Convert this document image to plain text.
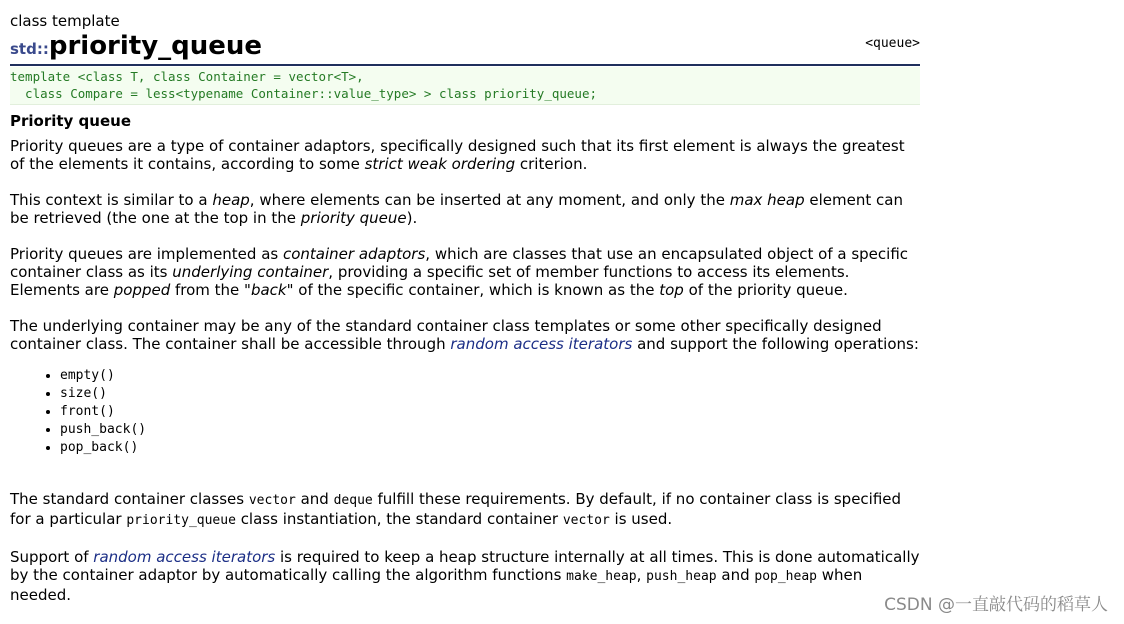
class template
std::priority_queue	<queue>
template <class T, class Container = vector<T>,
class Compare = less<typename Container::value_type> > class priority_queue;
Priority queue

Priority queues are a type of container adaptors, specifically designed such that its first element is always the greatest of the elements it contains, according to some strict weak ordering criterion.

This context is similar to a heap, where elements can be inserted at any moment, and only the max heap element can be retrieved (the one at the top in the priority queue).

Priority queues are implemented as container adaptors, which are classes that use an encapsulated object of a specific container class as its underlying container, providing a specific set of member functions to access its elements. Elements are popped from the "back" of the specific container, which is known as the top of the priority queue.

The underlying container may be any of the standard container class templates or some other specifically designed container class. The container shall be accessible through random access iterators and support the following operations:

• empty()
• size()
• front()
• push_back()
• pop_back()

The standard container classes vector and deque fulfill these requirements. By default, if no container class is specified for a particular priority_queue class instantiation, the standard container vector is used.

Support of random access iterators is required to keep a heap structure internally at all times. This is done automatically by the container adaptor by automatically calling the algorithm functions make_heap, push_heap and pop_heap when needed.	CSDN @一直敲代码的稻草人
